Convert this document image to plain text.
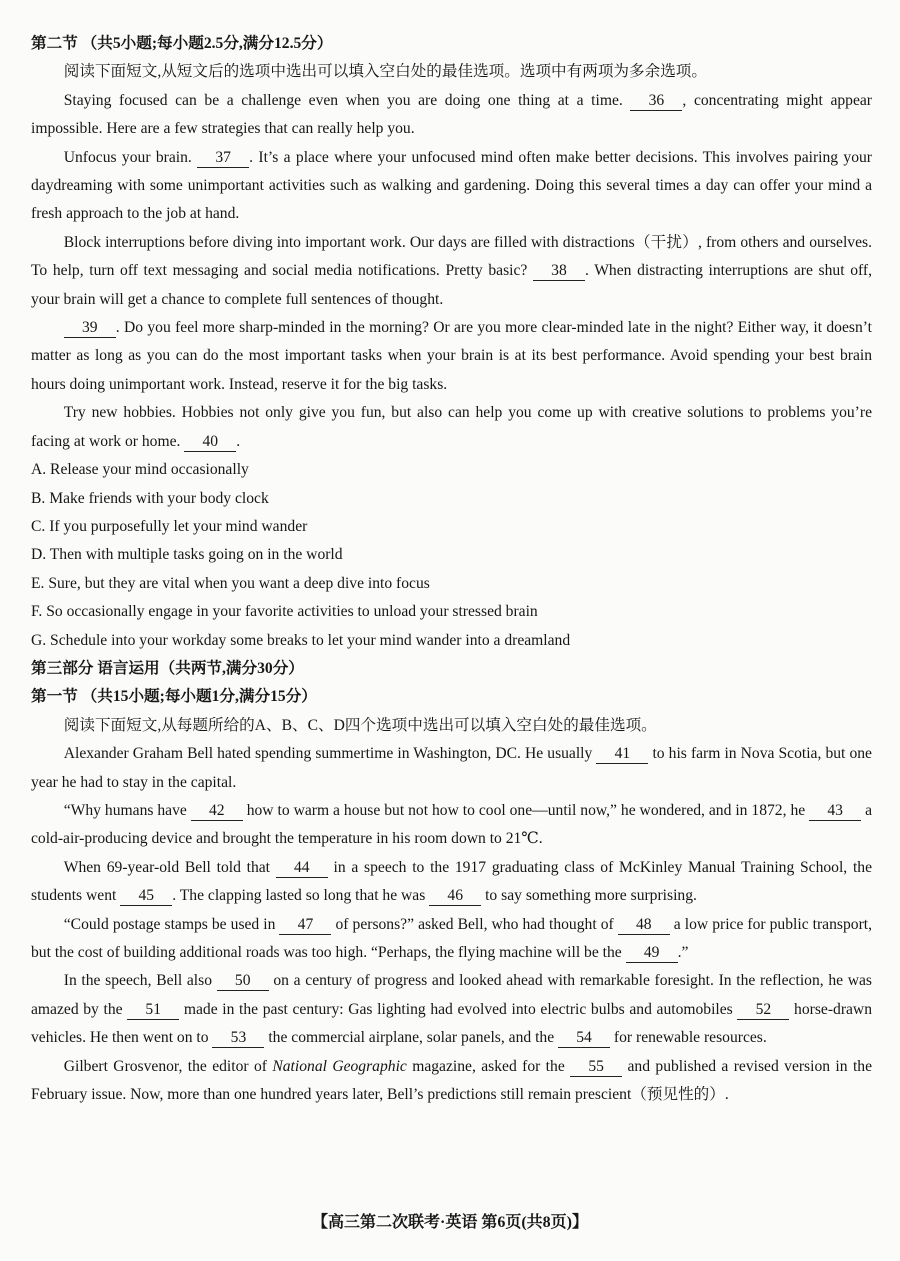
第二节 （共5小题;每小题2.5分,满分12.5分）

阅读下面短文,从短文后的选项中选出可以填入空白处的最佳选项。选项中有两项为多余选项。

Staying focused can be a challenge even when you are doing one thing at a time. 36 , concentrating might appear impossible. Here are a few strategies that can really help you.

Unfocus your brain. 37 . It’s a place where your unfocused mind often make better decisions. This involves pairing your daydreaming with some unimportant activities such as walking and gardening. Doing this several times a day can offer your mind a fresh approach to the job at hand.

Block interruptions before diving into important work. Our days are filled with distractions（干扰）, from others and ourselves. To help, turn off text messaging and social media notifications. Pretty basic? 38 . When distracting interruptions are shut off, your brain will get a chance to complete full sentences of thought.

39 . Do you feel more sharp-minded in the morning? Or are you more clear-minded late in the night? Either way, it doesn’t matter as long as you can do the most important tasks when your brain is at its best performance. Avoid spending your best brain hours doing unimportant work. Instead, reserve it for the big tasks.

Try new hobbies. Hobbies not only give you fun, but also can help you come up with creative solutions to problems you’re facing at work or home. 40 .

A. Release your mind occasionally

B. Make friends with your body clock

C. If you purposefully let your mind wander

D. Then with multiple tasks going on in the world

E. Sure, but they are vital when you want a deep dive into focus

F. So occasionally engage in your favorite activities to unload your stressed brain

G. Schedule into your workday some breaks to let your mind wander into a dreamland

第三部分 语言运用（共两节,满分30分）

第一节 （共15小题;每小题1分,满分15分）

阅读下面短文,从每题所给的A、B、C、D四个选项中选出可以填入空白处的最佳选项。

Alexander Graham Bell hated spending summertime in Washington, DC. He usually 41 to his farm in Nova Scotia, but one year he had to stay in the capital.

“Why humans have 42 how to warm a house but not how to cool one—until now,” he wondered, and in 1872, he 43 a cold-air-producing device and brought the temperature in his room down to 21℃.

When 69-year-old Bell told that 44 in a speech to the 1917 graduating class of McKinley Manual Training School, the students went 45 . The clapping lasted so long that he was 46 to say something more surprising.

“Could postage stamps be used in 47 of persons?” asked Bell, who had thought of 48 a low price for public transport, but the cost of building additional roads was too high. “Perhaps, the flying machine will be the 49 .”

In the speech, Bell also 50 on a century of progress and looked ahead with remarkable foresight. In the reflection, he was amazed by the 51 made in the past century: Gas lighting had evolved into electric bulbs and automobiles 52 horse-drawn vehicles. He then went on to 53 the commercial airplane, solar panels, and the 54 for renewable resources.

Gilbert Grosvenor, the editor of National Geographic magazine, asked for the 55 and published a revised version in the February issue. Now, more than one hundred years later, Bell’s predictions still remain prescient（预见性的）.

【高三第二次联考·英语 第6页(共8页)】
